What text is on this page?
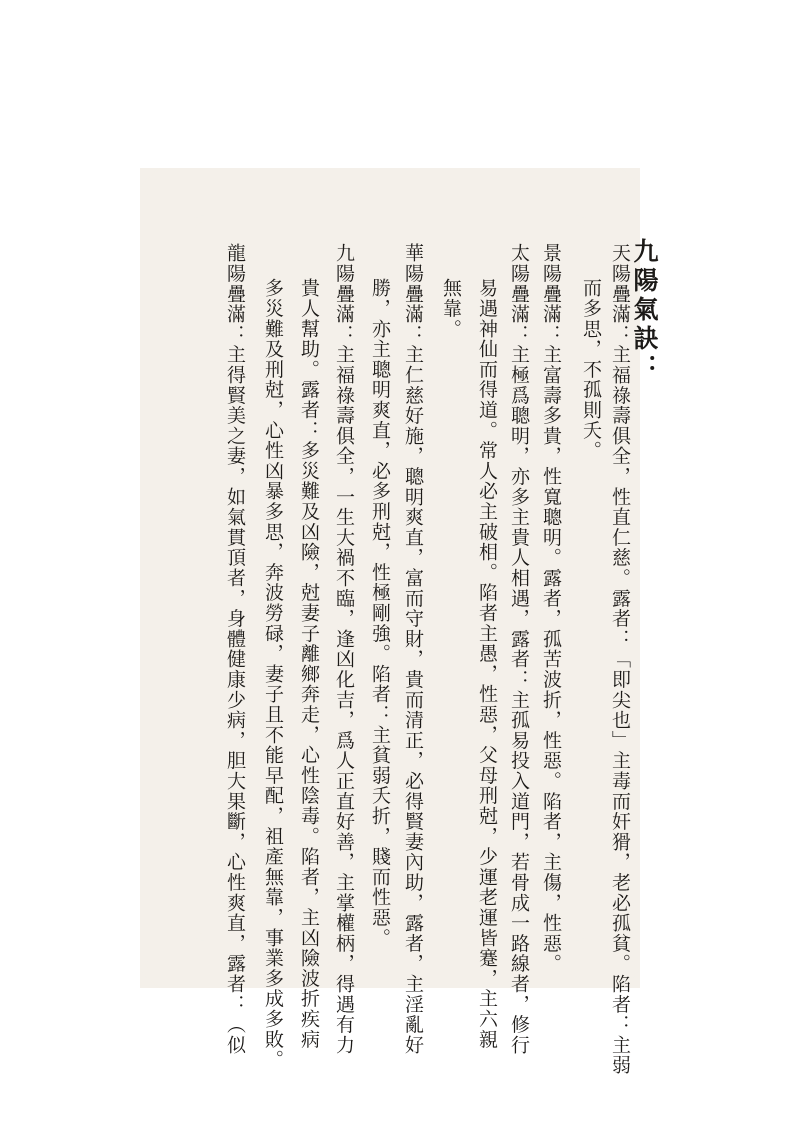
九陽氣訣：
天陽疊滿：主福祿壽俱全，性直仁慈。露者：「即尖也」主毒而奸猾，老必孤貧。陷者：主弱
而多思，不孤則夭。
景陽疊滿：主富壽多貴，性寬聰明。露者，孤苦波折，性惡。陷者，主傷，性惡。
太陽疊滿：主極爲聰明，亦多主貴人相遇，露者：主孤易投入道門，若骨成一路線者，修行
易遇神仙而得道。常人必主破相。陷者主愚，性惡，父母刑尅，少運老運皆蹇，主六親
無靠。
華陽疊滿：主仁慈好施，聰明爽直，富而守財，貴而清正，必得賢妻內助，露者，主淫亂好
勝，亦主聰明爽直，必多刑尅，性極剛強。陷者：主貧弱夭折，賤而性惡。
九陽疊滿：主福祿壽俱全，一生大禍不臨，逢凶化吉，爲人正直好善，主掌權柄，得遇有力
貴人幫助。露者：多災難及凶險，尅妻子離鄉奔走，心性陰毒。陷者，主凶險波折疾病
多災難及刑尅，心性凶暴多思，奔波勞碌，妻子且不能早配，祖產無靠，事業多成多敗。
龍陽疊滿：主得賢美之妻，如氣貫頂者，身體健康少病，胆大果斷，心性爽直，露者：（似
